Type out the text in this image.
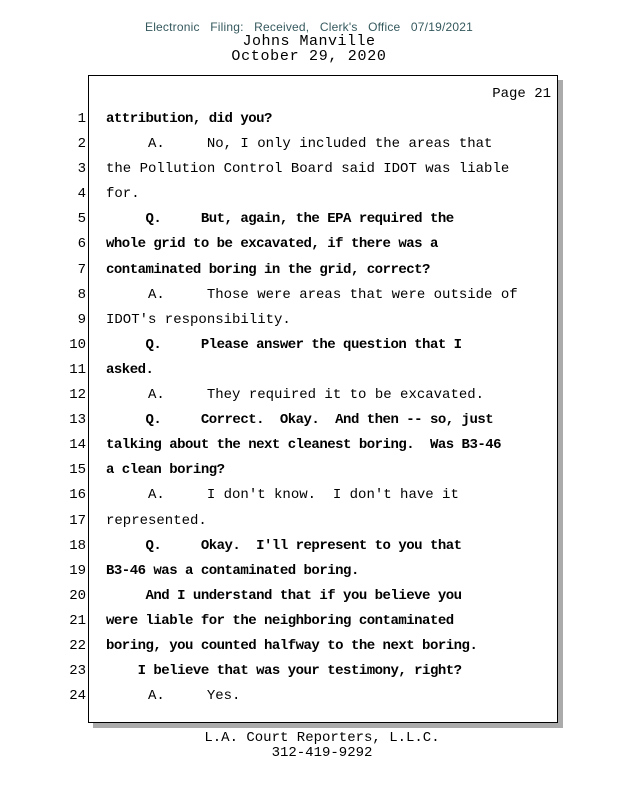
Electronic Filing: Received, Clerk's Office 07/19/2021
Johns Manville
October 29, 2020
Page 21
1	attribution, did you?
2	A.     No, I only included the areas that
3	the Pollution Control Board said IDOT was liable
4	for.
5	Q.     But, again, the EPA required the
6	whole grid to be excavated, if there was a
7	contaminated boring in the grid, correct?
8	A.     Those were areas that were outside of
9	IDOT's responsibility.
10	Q.     Please answer the question that I
11	asked.
12	A.     They required it to be excavated.
13	Q.     Correct.  Okay.  And then -- so, just
14	talking about the next cleanest boring.  Was B3-46
15	a clean boring?
16	A.     I don't know.  I don't have it
17	represented.
18	Q.     Okay.  I'll represent to you that
19	B3-46 was a contaminated boring.
20	And I understand that if you believe you
21	were liable for the neighboring contaminated
22	boring, you counted halfway to the next boring.
23	I believe that was your testimony, right?
24	A.     Yes.
L.A. Court Reporters, L.L.C.
312-419-9292
